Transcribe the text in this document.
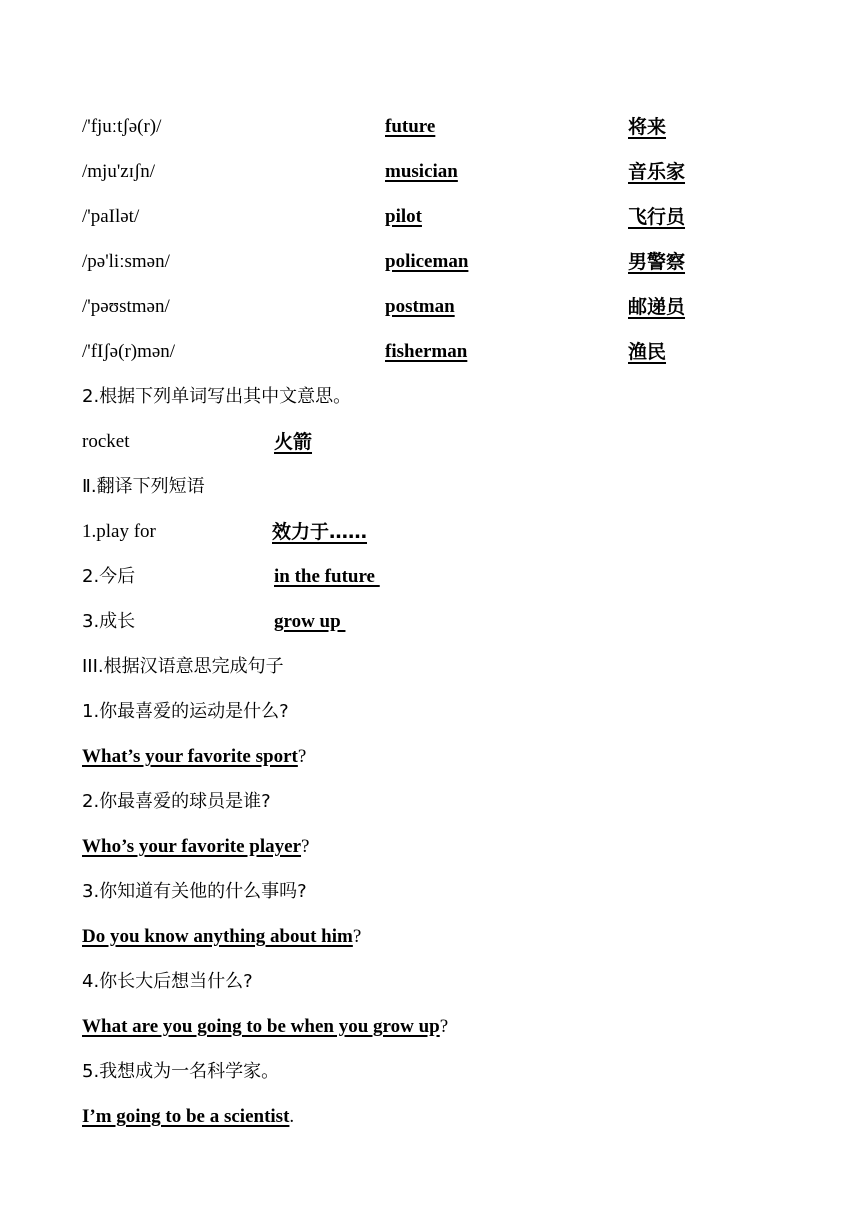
/'fjuːtʃə(r)/	future	将来
/mju'zɪʃn/	musician	音乐家
/'paIlət/	pilot	飞行员
/pə'liːsmən/	policeman	男警察
/'pəʊstmən/	postman	邮递员
/'fIʃə(r)mən/	fisherman	渔民
2.根据下列单词写出其中文意思。
rocket	火箭
Ⅱ.翻译下列短语
1.play for	效力于……
2.今后	in the future
3.成长	grow up
III.根据汉语意思完成句子
1.你最喜爱的运动是什么?
What’s your favorite sport?
2.你最喜爱的球员是谁?
Who’s your favorite player?
3.你知道有关他的什么事吗?
Do you know anything about him?
4.你长大后想当什么?
What are you going to be when you grow up?
5.我想成为一名科学家。
I’m going to be a scientist.
